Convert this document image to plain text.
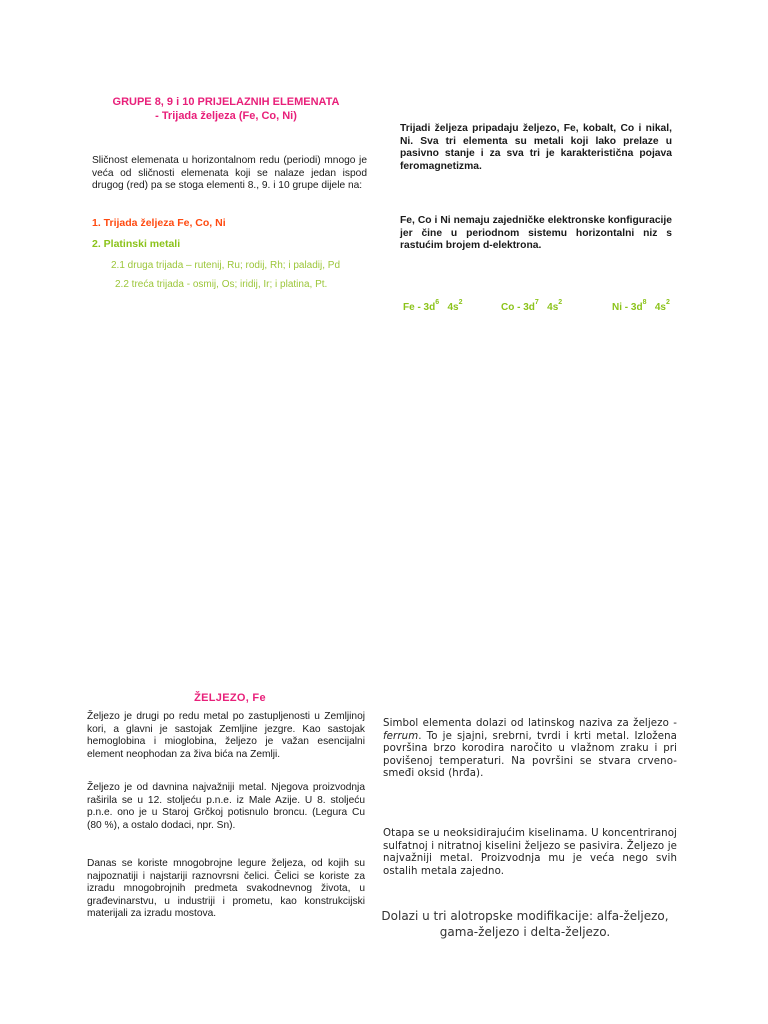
GRUPE 8, 9 i 10 PRIJELAZNIH ELEMENATA
- Trijada željeza (Fe, Co, Ni)
Sličnost elemenata u horizontalnom redu (periodi) mnogo je veća od sličnosti elemenata koji se nalaze jedan ispod drugog (red) pa se stoga elementi 8., 9. i 10 grupe dijele na:
1. Trijada željeza Fe, Co, Ni
2. Platinski metali
2.1 druga trijada – rutenij, Ru; rodij, Rh; i paladij, Pd
2.2 treća trijada - osmij, Os; iridij, Ir; i platina, Pt.
Trijadi željeza pripadaju željezo, Fe, kobalt, Co i nikal, Ni. Sva tri elementa su metali koji lako prelaze u pasivno stanje i za sva tri je karakteristična pojava feromagnetizma.
Fe, Co i Ni nemaju zajedničke elektronske konfiguracije jer čine u periodnom sistemu horizontalni niz s rastućim brojem d-elektrona.
Fe - $3d^6$ $4s^2$	Co - $3d^7$ $4s^2$	Ni - $3d^8$ $4s^2$
ŽELJEZO, Fe
Željezo je drugi po redu metal po zastupljenosti u Zemljinoj kori, a glavni je sastojak Zemljine jezgre. Kao sastojak hemoglobina i mioglobina, željezo je važan esencijalni element neophodan za živa bića na Zemlji.
Željezo je od davnina najvažniji metal. Njegova proizvodnja raširila se u 12. stoljeću p.n.e. iz Male Azije. U 8. stoljeću p.n.e. ono je u Staroj Grčkoj potisnulo broncu. (Legura Cu (80 %), a ostalo dodaci, npr. Sn).
Danas se koriste mnogobrojne legure željeza, od kojih su najpoznatiji i najstariji raznovrsni čelici. Čelici se koriste za izradu mnogobrojnih predmeta svakodnevnog života, u građevinarstvu, u industriji i prometu, kao konstrukcijski materijali za izradu mostova.
Simbol elementa dolazi od latinskog naziva za željezo - ferrum. To je sjajni, srebrni, tvrdi i krti metal. Izložena površina brzo korodira naročito u vlažnom zraku i pri povišenoj temperaturi. Na površini se stvara crveno-smeđi oksid (hrđa).
Otapa se u neoksidirajućim kiselinama. U koncentriranoj sulfatnoj i nitratnoj kiselini željezo se pasivira. Željezo je najvažniji metal. Proizvodnja mu je veća nego svih ostalih metala zajedno.
Dolazi u tri alotropske modifikacije: alfa-željezo, gama-željezo i delta-željezo.
